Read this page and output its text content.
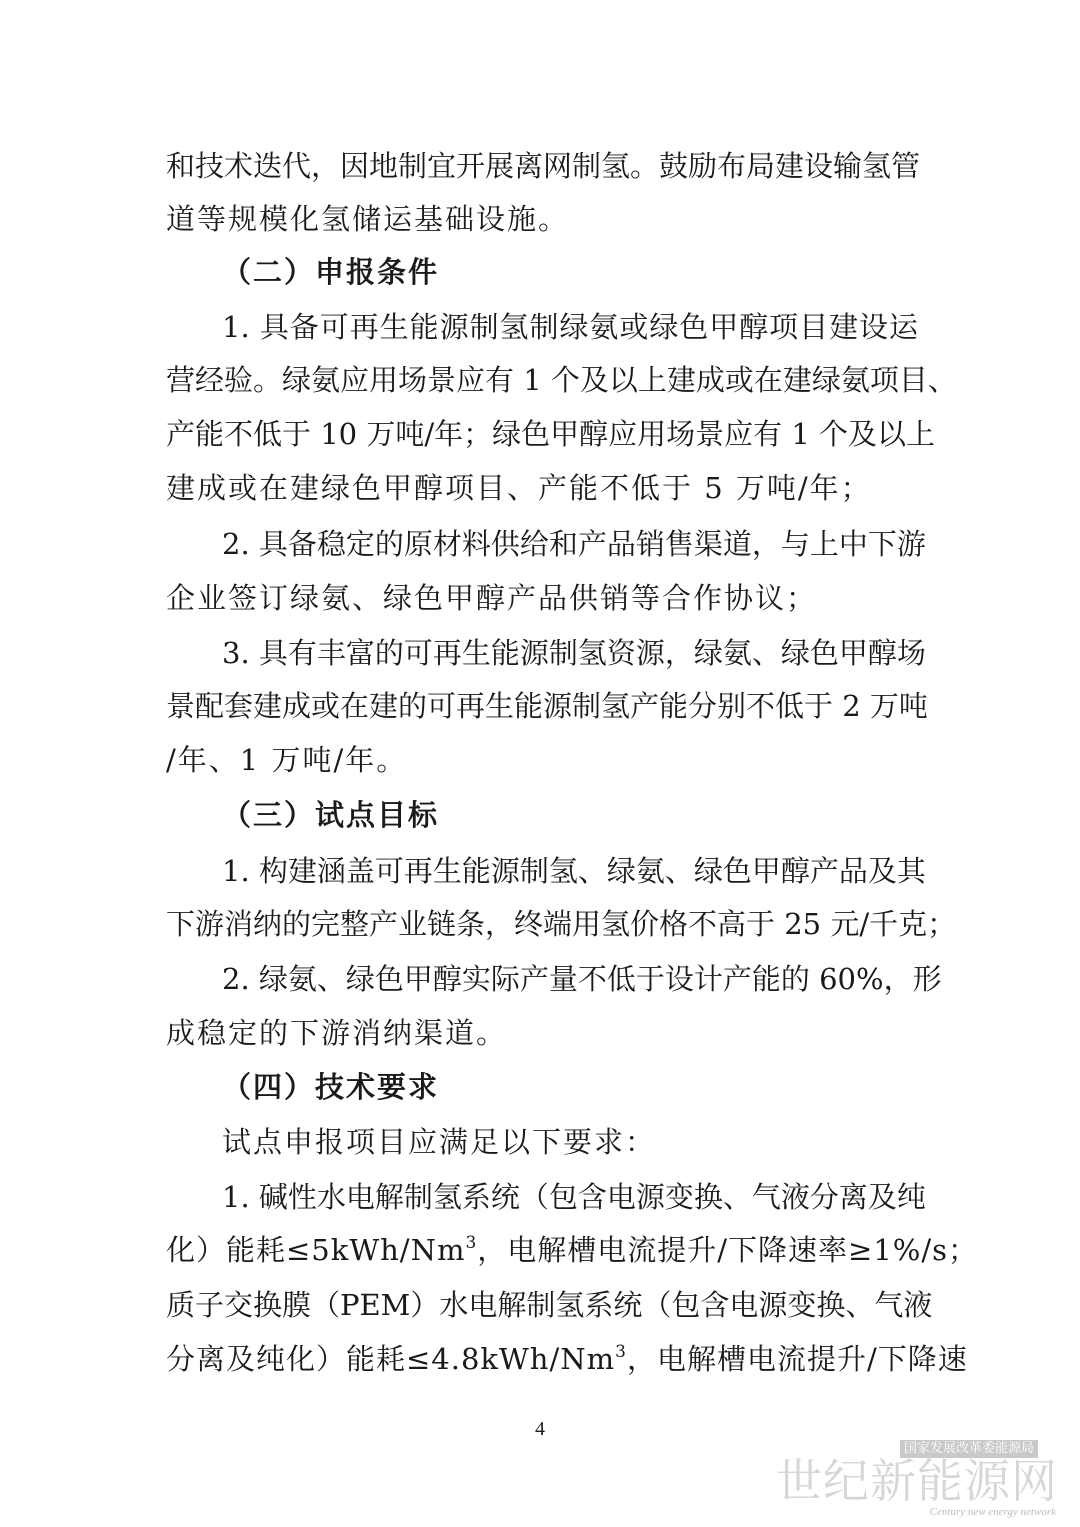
和技术迭代，因地制宜开展离网制氢。鼓励布局建设输氢管
道等规模化氢储运基础设施。
（二）申报条件
1. 具备可再生能源制氢制绿氨或绿色甲醇项目建设运
营经验。绿氨应用场景应有 1 个及以上建成或在建绿氨项目、
产能不低于 10 万吨/年；绿色甲醇应用场景应有 1 个及以上
建成或在建绿色甲醇项目、产能不低于 5 万吨/年；
2. 具备稳定的原材料供给和产品销售渠道，与上中下游
企业签订绿氨、绿色甲醇产品供销等合作协议；
3. 具有丰富的可再生能源制氢资源，绿氨、绿色甲醇场
景配套建成或在建的可再生能源制氢产能分别不低于 2 万吨
/年、1 万吨/年。
（三）试点目标
1. 构建涵盖可再生能源制氢、绿氨、绿色甲醇产品及其
下游消纳的完整产业链条，终端用氢价格不高于 25 元/千克；
2. 绿氨、绿色甲醇实际产量不低于设计产能的 60%，形
成稳定的下游消纳渠道。
（四）技术要求
试点申报项目应满足以下要求：
1. 碱性水电解制氢系统（包含电源变换、气液分离及纯
化）能耗$\le 5kWh/Nm^3$，电解槽电流提升/下降速率≥1%/s；
质子交换膜（PEM）水电解制氢系统（包含电源变换、气液
分离及纯化）能耗$\le 4.8kWh/Nm^3$，电解槽电流提升/下降速
4
国家发展改革委能源局
世纪新能源网
Century new energy network
